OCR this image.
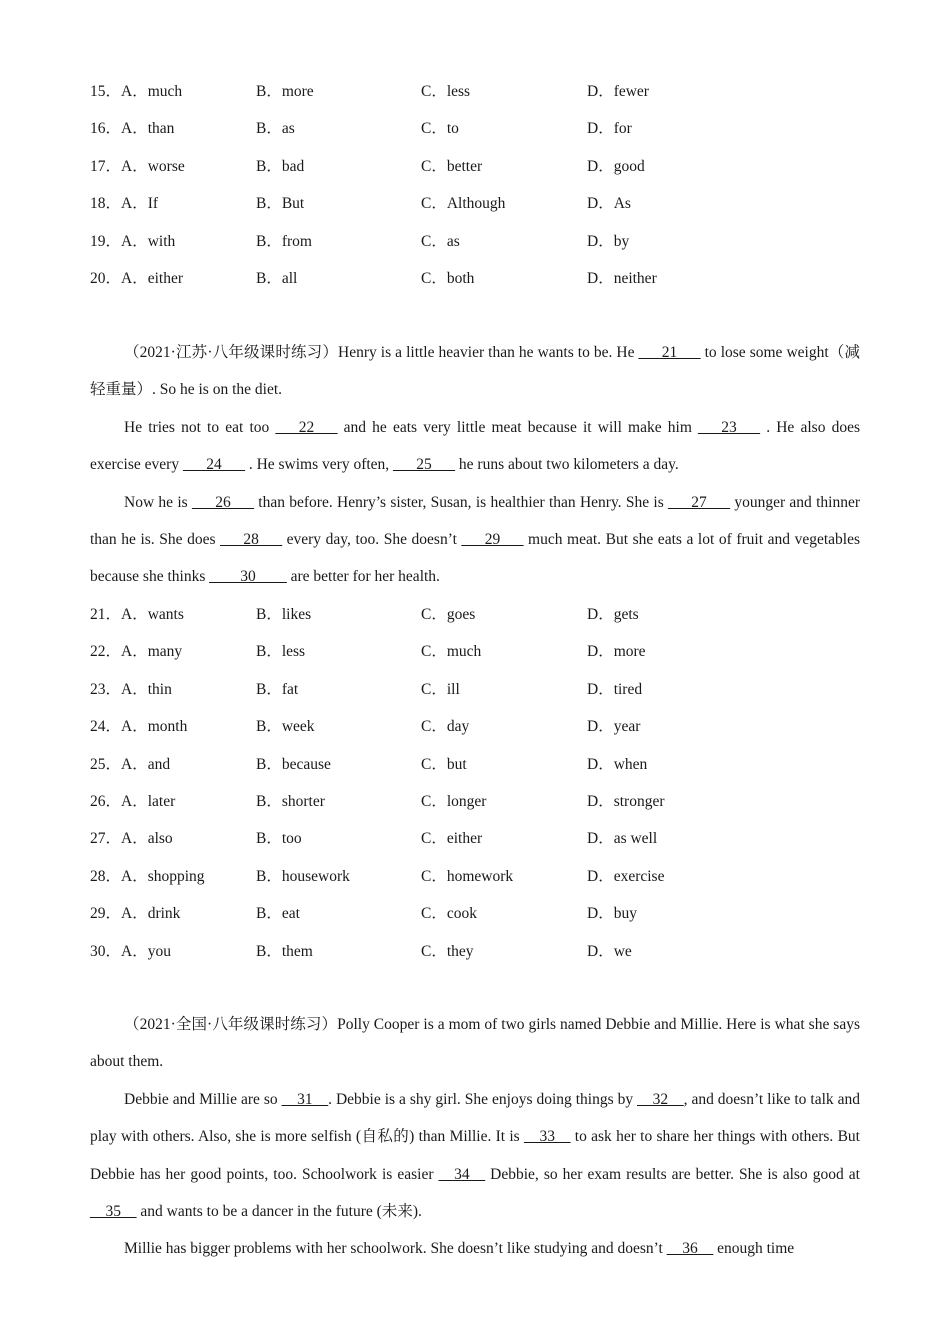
15．A．much	B．more	C．less	D．fewer
16．A．than	B．as	C．to	D．for
17．A．worse	B．bad	C．better	D．good
18．A．If	B．But	C．Although	D．As
19．A．with	B．from	C．as	D．by
20．A．either	B．all	C．both	D．neither

（2021·江苏·八年级课时练习）Henry is a little heavier than he wants to be. He ___21___ to lose some weight（减轻重量）. So he is on the diet.

He tries not to eat too ___22___ and he eats very little meat because it will make him ___23___ . He also does exercise every ___24___ . He swims very often, ___25___ he runs about two kilometers a day.

Now he is ___26___ than before. Henry’s sister, Susan, is healthier than Henry. She is ___27___ younger and thinner than he is. She does ___28___ every day, too. She doesn’t ___29___ much meat. But she eats a lot of fruit and vegetables because she thinks ____30____ are better for her health.

21．A．wants	B．likes	C．goes	D．gets
22．A．many	B．less	C．much	D．more
23．A．thin	B．fat	C．ill	D．tired
24．A．month	B．week	C．day	D．year
25．A．and	B．because	C．but	D．when
26．A．later	B．shorter	C．longer	D．stronger
27．A．also	B．too	C．either	D．as well
28．A．shopping	B．housework	C．homework	D．exercise
29．A．drink	B．eat	C．cook	D．buy
30．A．you	B．them	C．they	D．we

（2021·全国·八年级课时练习）Polly Cooper is a mom of two girls named Debbie and Millie. Here is what she says about them.

Debbie and Millie are so __31__. Debbie is a shy girl. She enjoys doing things by __32__, and doesn’t like to talk and play with others. Also, she is more selfish (自私的) than Millie. It is __33__ to ask her to share her things with others. But Debbie has her good points, too. Schoolwork is easier __34__ Debbie, so her exam results are better. She is also good at __35__ and wants to be a dancer in the future (未来).

Millie has bigger problems with her schoolwork. She doesn’t like studying and doesn’t __36__ enough time
